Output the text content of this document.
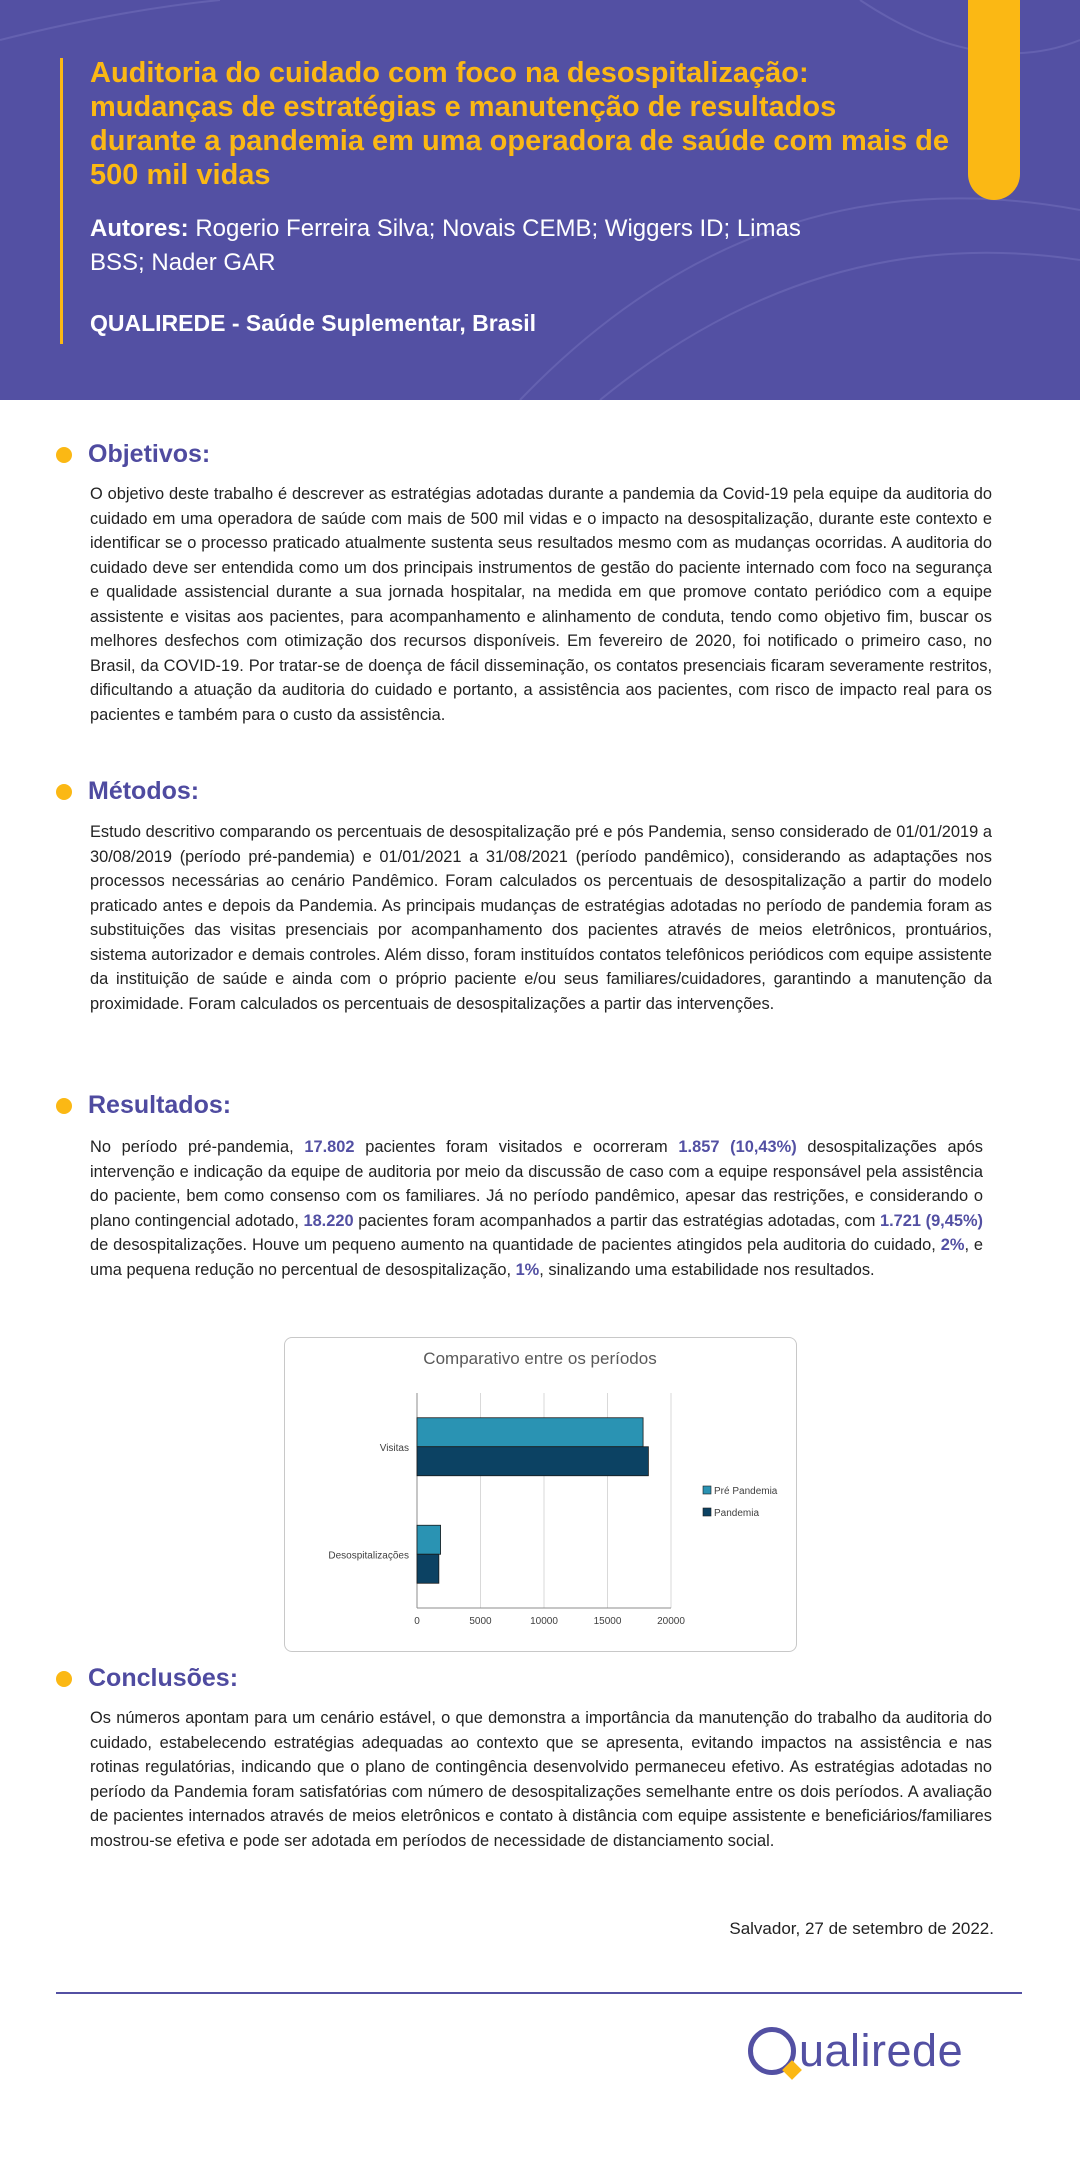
Auditoria do cuidado com foco na desospitalização: mudanças de estratégias e manutenção de resultados durante a pandemia em uma operadora de saúde com mais de 500 mil vidas
Autores: Rogerio Ferreira Silva; Novais CEMB; Wiggers ID; Limas BSS; Nader GAR
QUALIREDE - Saúde Suplementar, Brasil
Objetivos:

O objetivo deste trabalho é descrever as estratégias adotadas durante a pandemia da Covid-19 pela equipe da auditoria do cuidado em uma operadora de saúde com mais de 500 mil vidas e o impacto na desospitalização, durante este contexto e identificar se o processo praticado atualmente sustenta seus resultados mesmo com as mudanças ocorridas. A auditoria do cuidado deve ser entendida como um dos principais instrumentos de gestão do paciente internado com foco na segurança e qualidade assistencial durante a sua jornada hospitalar, na medida em que promove contato periódico com a equipe assistente e visitas aos pacientes, para acompanhamento e alinhamento de conduta, tendo como objetivo fim, buscar os melhores desfechos com otimização dos recursos disponíveis. Em fevereiro de 2020, foi notificado o primeiro caso, no Brasil, da COVID-19. Por tratar-se de doença de fácil disseminação, os contatos presenciais ficaram severamente restritos, dificultando a atuação da auditoria do cuidado e portanto, a assistência aos pacientes, com risco de impacto real para os pacientes e também para o custo da assistência.

Métodos:

Estudo descritivo comparando os percentuais de desospitalização pré e pós Pandemia, senso considerado de 01/01/2019 a 30/08/2019 (período pré-pandemia) e 01/01/2021 a 31/08/2021 (período pandêmico), considerando as adaptações nos processos necessárias ao cenário Pandêmico. Foram calculados os percentuais de desospitalização a partir do modelo praticado antes e depois da Pandemia. As principais mudanças de estratégias adotadas no período de pandemia foram as substituições das visitas presenciais por acompanhamento dos pacientes através de meios eletrônicos, prontuários, sistema autorizador e demais controles. Além disso, foram instituídos contatos telefônicos periódicos com equipe assistente da instituição de saúde e ainda com o próprio paciente e/ou seus familiares/cuidadores, garantindo a manutenção da proximidade. Foram calculados os percentuais de desospitalizações a partir das intervenções.

Resultados:

No período pré-pandemia, 17.802 pacientes foram visitados e ocorreram 1.857 (10,43%) desospitalizações após intervenção e indicação da equipe de auditoria por meio da discussão de caso com a equipe responsável pela assistência do paciente, bem como consenso com os familiares. Já no período pandêmico, apesar das restrições, e considerando o plano contingencial adotado, 18.220 pacientes foram acompanhados a partir das estratégias adotadas, com 1.721 (9,45%) de desospitalizações. Houve um pequeno aumento na quantidade de pacientes atingidos pela auditoria do cuidado, 2%, e uma pequena redução no percentual de desospitalização, 1%, sinalizando uma estabilidade nos resultados.

Comparativo entre os períodos
0	5000	10000	15000	20000
Visitas
Desospitalizações
Pré Pandemia
Pandemia
Conclusões:

Os números apontam para um cenário estável, o que demonstra a importância da manutenção do trabalho da auditoria do cuidado, estabelecendo estratégias adequadas ao contexto que se apresenta, evitando impactos na assistência e nas rotinas regulatórias, indicando que o plano de contingência desenvolvido permaneceu efetivo. As estratégias adotadas no período da Pandemia foram satisfatórias com número de desospitalizações semelhante entre os dois períodos. A avaliação de pacientes internados através de meios eletrônicos e contato à distância com equipe assistente e beneficiários/familiares mostrou-se efetiva e pode ser adotada em períodos de necessidade de distanciamento social.

Salvador, 27 de setembro de 2022.
ualirede
